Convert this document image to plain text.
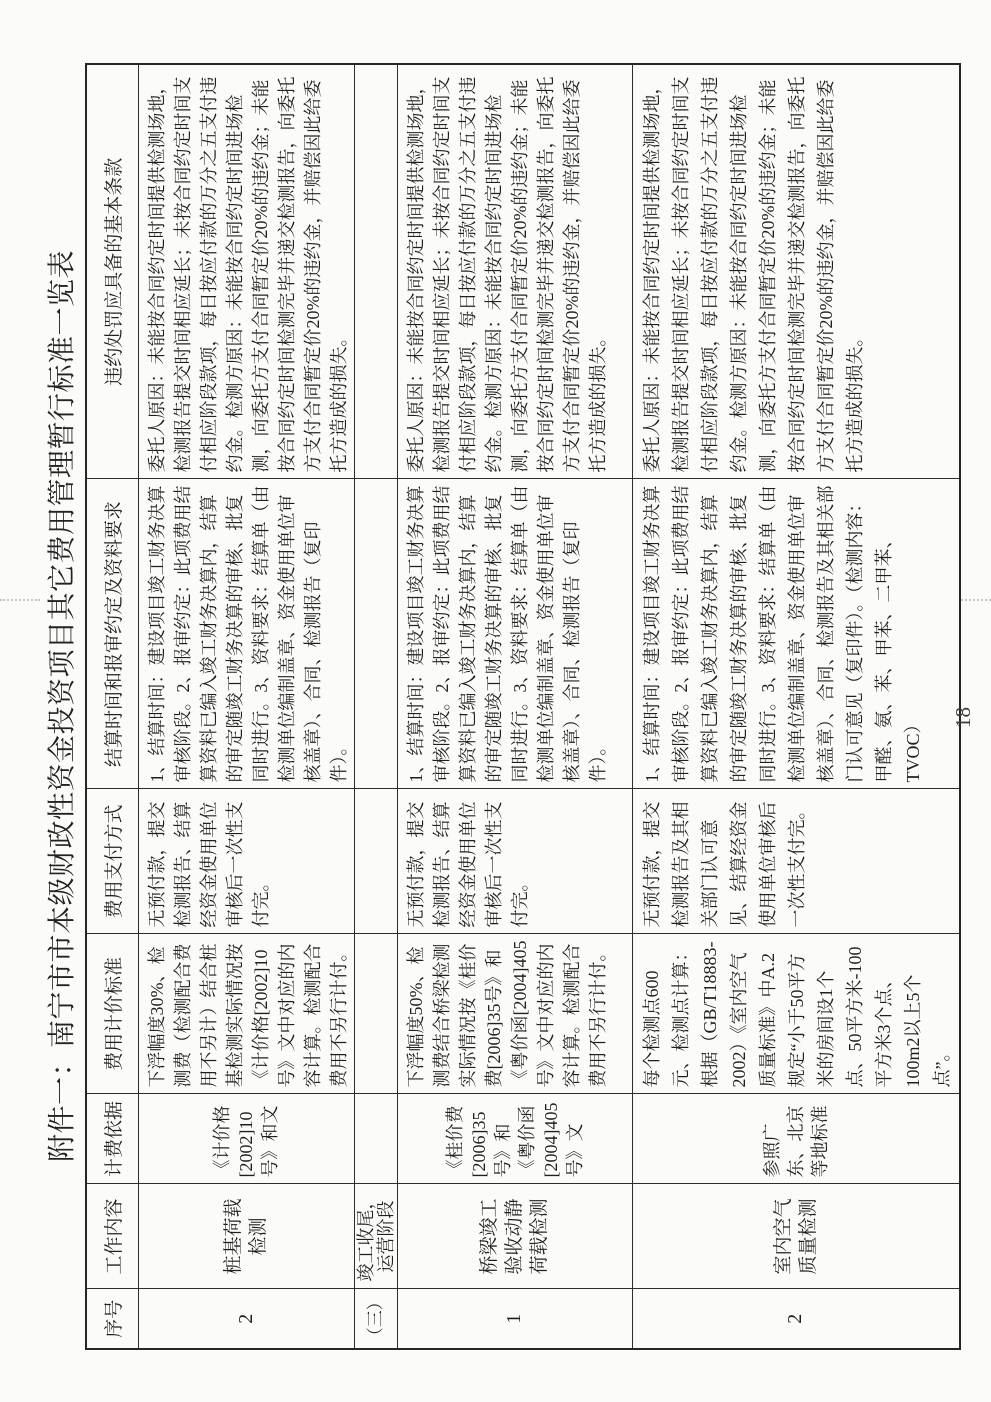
附件一：南宁市市本级财政性资金投资项目其它费用管理暂行标准一览表
序号	工作内容	计费依据	费用计价标准	费用支付方式	结算时间和报审约定及资料要求	违约处罚应具备的基本条款
2	桩基荷载检测	《计价格[2002]10号》和文	下浮幅度30%、检测费（检测配合费用不另计）结合桩基检测实际情况按《计价格[2002]10号》文中对应的内容计算。检测配合费用不另行计付。	无预付款，提交检测报告、结算经资金使用单位审核后一次性支付完。	1、结算时间：建设项目竣工财务决算审核阶段。2、报审约定：此项费用结算资料已编入竣工财务决算内，结算的审定随竣工财务决算的审核、批复同时进行。3、资料要求：结算单（由检测单位编制盖章、资金使用单位审核盖章）、合同、检测报告（复印件）。	委托人原因：未能按合同约定时间提供检测场地，检测报告提交时间相应延长；未按合同约定时间支付相应阶段款项，每日按应付款的万分之五支付违约金。检测方原因：未能按合同约定时间进场检测，向委托方支付合同暂定价20%的违约金；未能按合同约定时间检测完毕并递交检测报告，向委托方支付合同暂定价20%的违约金，并赔偿因此给委托方造成的损失。
（三）	竣工收尾，运营阶段					
1	桥梁竣工验收动静荷载检测	《桂价费[2006]35号》和《粤价函[2004]405号》文	下浮幅度50%、检测费结合桥梁检测实际情况按《桂价费[2006]35号》和《粤价函[2004]405号》文中对应的内容计算。检测配合费用不另行计付。	无预付款，提交检测报告、结算经资金使用单位审核后一次性支付完。	1、结算时间：建设项目竣工财务决算审核阶段。2、报审约定：此项费用结算资料已编入竣工财务决算内，结算的审定随竣工财务决算的审核、批复同时进行。3、资料要求：结算单（由检测单位编制盖章、资金使用单位审核盖章）、合同、检测报告（复印件）。	委托人原因：未能按合同约定时间提供检测场地，检测报告提交时间相应延长；未按合同约定时间支付相应阶段款项，每日按应付款的万分之五支付违约金。检测方原因：未能按合同约定时间进场检测，向委托方支付合同暂定价20%的违约金；未能按合同约定时间检测完毕并递交检测报告，向委托方支付合同暂定价20%的违约金，并赔偿因此给委托方造成的损失。
2	室内空气质量检测	参照广东、北京等地标准	每个检测点600元、检测点计算：根据（GB/T18883-2002）《室内空气质量标准》中A.2规定“小于50平方米的房间设1个点、50平方米-100平方米3个点、100m2以上5个点”。	无预付款，提交检测报告及其相关部门认可意见、结算经资金使用单位审核后一次性支付完。	1、结算时间：建设项目竣工财务决算审核阶段。2、报审约定：此项费用结算资料已编入竣工财务决算内，结算的审定随竣工财务决算的审核、批复同时进行。3、资料要求：结算单（由检测单位编制盖章、资金使用单位审核盖章）、合同、检测报告及其相关部门认可意见（复印件）。（检测内容：甲醛、氨、苯、甲苯、二甲苯、TVOC）	委托人原因：未能按合同约定时间提供检测场地，检测报告提交时间相应延长；未按合同约定时间支付相应阶段款项，每日按应付款的万分之五支付违约金。检测方原因：未能按合同约定时间进场检测，向委托方支付合同暂定价20%的违约金；未能按合同约定时间检测完毕并递交检测报告，向委托方支付合同暂定价20%的违约金，并赔偿因此给委托方造成的损失。
18
